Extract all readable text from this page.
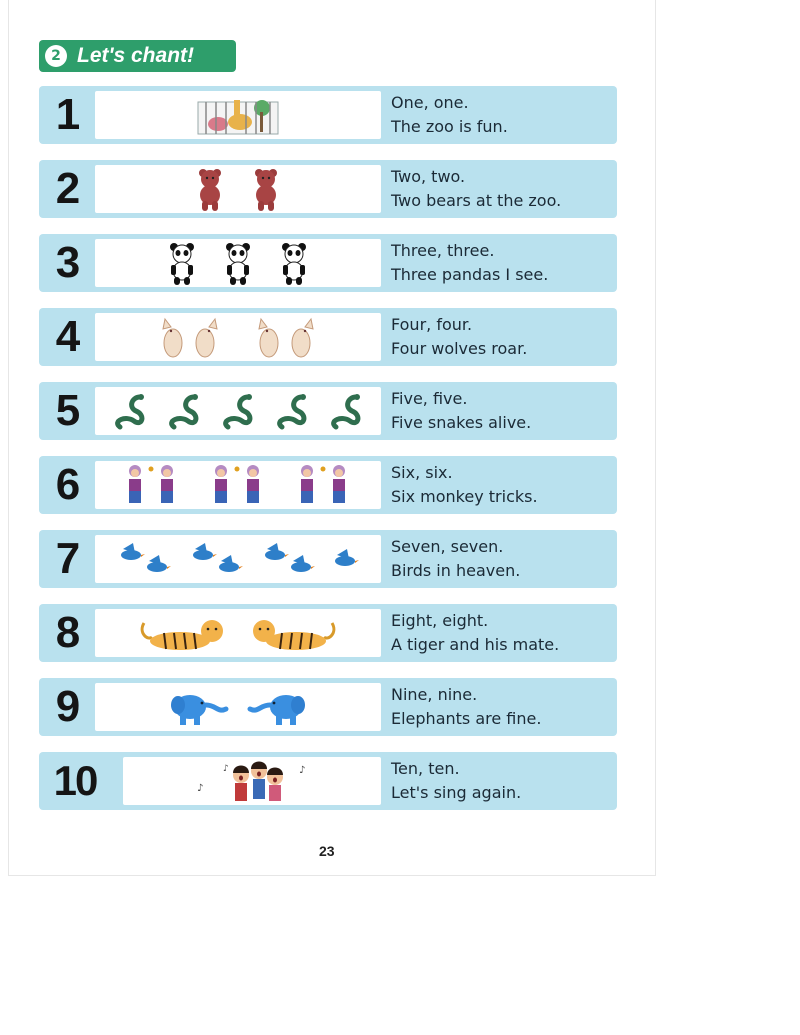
2 Let's chant!
1	One, one.
The zoo is fun.
2	Two, two.
Two bears at the zoo.
3	Three, three.
Three pandas I see.
4	Four, four.
Four wolves roar.
5	Five, five.
Five snakes alive.
6	Six, six.
Six monkey tricks.
7	Seven, seven.
Birds in heaven.
8	Eight, eight.
A tiger and his mate.
9	Nine, nine.
Elephants are fine.
10	♪
♪	♪	Ten, ten.
Let's sing again.
23
